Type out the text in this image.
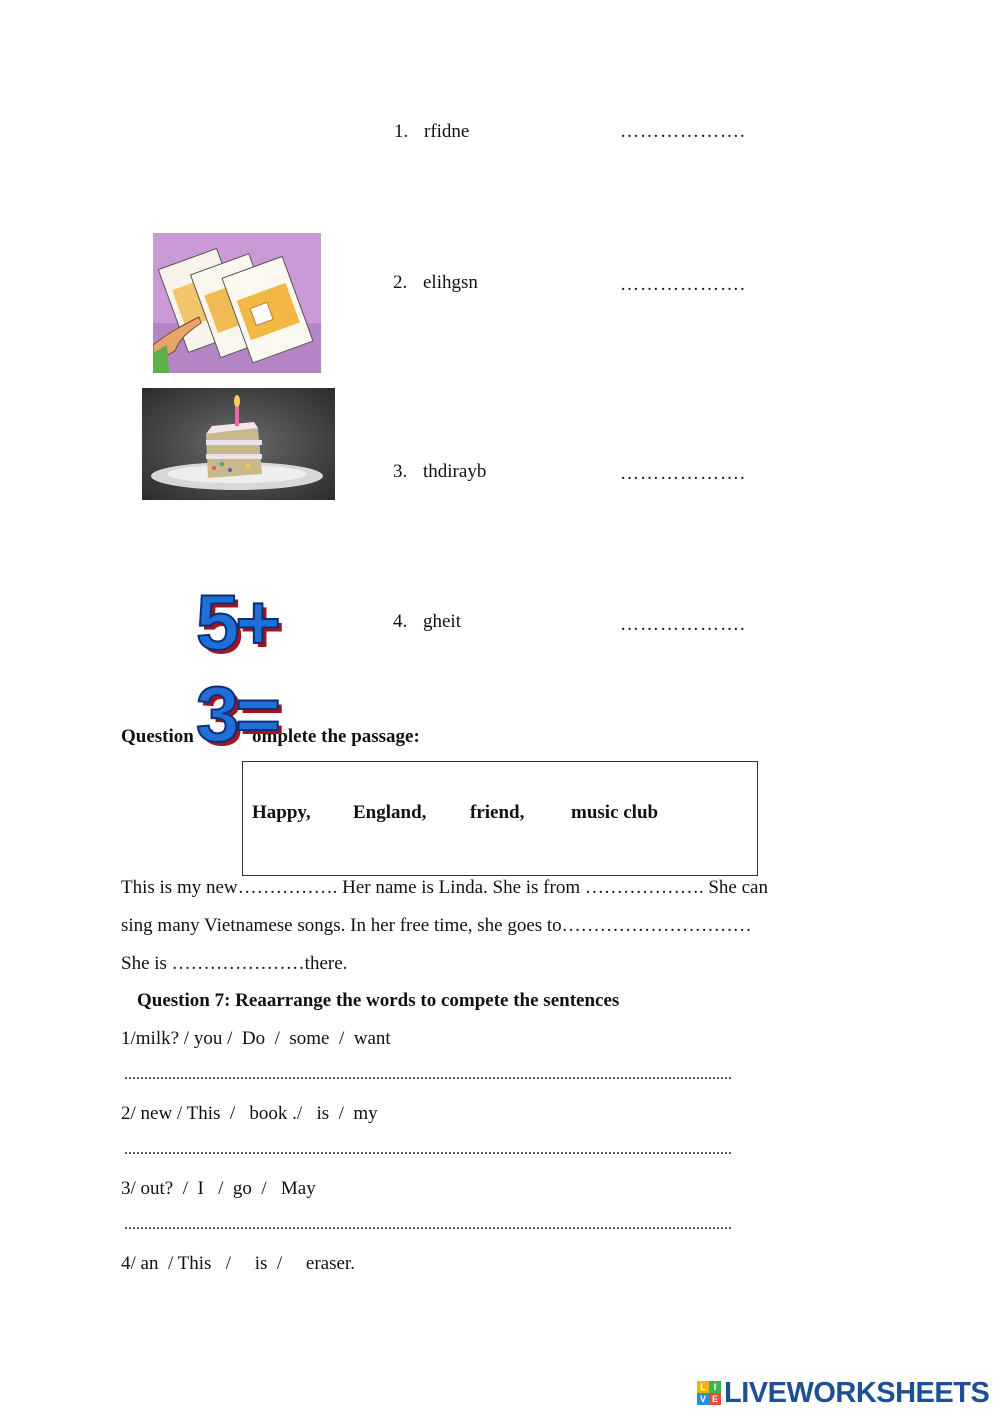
1. rfidne	……………….
2. elihgsn	……………….
3. thdirayb	……………….
5+	4. gheit	……………….
Question	omplete the passage:
3=
Happy, England, friend, music club
This is my new……………. Her name is Linda. She is from ………………. She can
sing many Vietnamese songs. In her free time, she goes to…………………………
She is …………………there.
Question 7: Reaarrange the words to compete the sentences
1/milk? / you /  Do  /  some  /  want
........................................................................................................................................................
2/ new / This  /   book ./   is  /  my
........................................................................................................................................................
3/ out?  /  I   /  go  /   May
........................................................................................................................................................
4/ an  / This   /     is  /     eraser.
L I
V E LIVEWORKSHEETS
